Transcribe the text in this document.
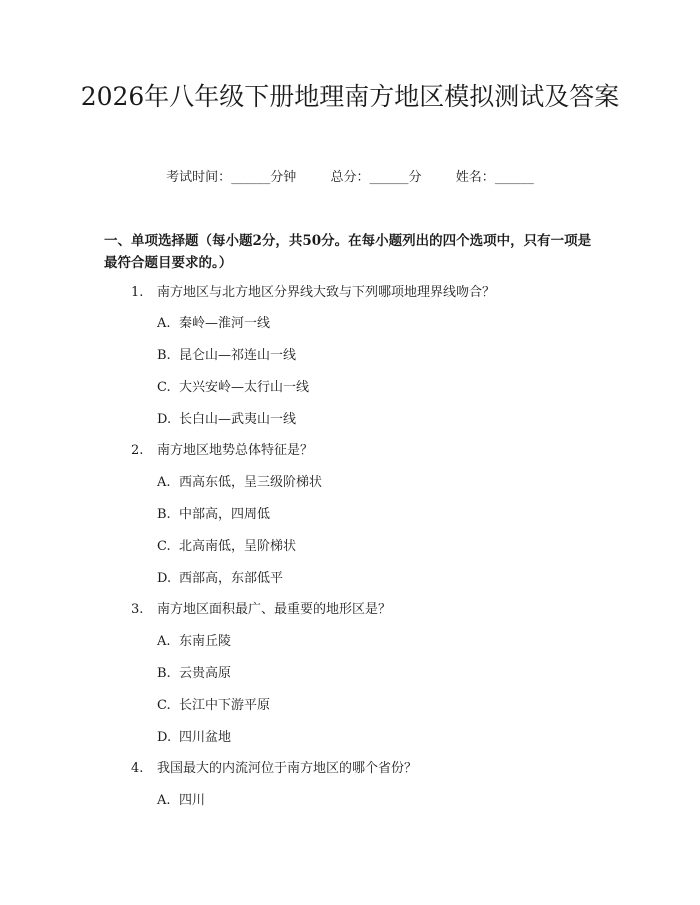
2026年八年级下册地理南方地区模拟测试及答案
考试时间：______分钟	总分：______分	姓名：______
一、单项选择题（每小题2分，共50分。在每小题列出的四个选项中，只有一项是最符合题目要求的。）
1. 南方地区与北方地区分界线大致与下列哪项地理界线吻合？
A. 秦岭—淮河一线
B. 昆仑山—祁连山一线
C. 大兴安岭—太行山一线
D. 长白山—武夷山一线
2. 南方地区地势总体特征是？
A. 西高东低，呈三级阶梯状
B. 中部高，四周低
C. 北高南低，呈阶梯状
D. 西部高，东部低平
3. 南方地区面积最广、最重要的地形区是？
A. 东南丘陵
B. 云贵高原
C. 长江中下游平原
D. 四川盆地
4. 我国最大的内流河位于南方地区的哪个省份？
A. 四川
